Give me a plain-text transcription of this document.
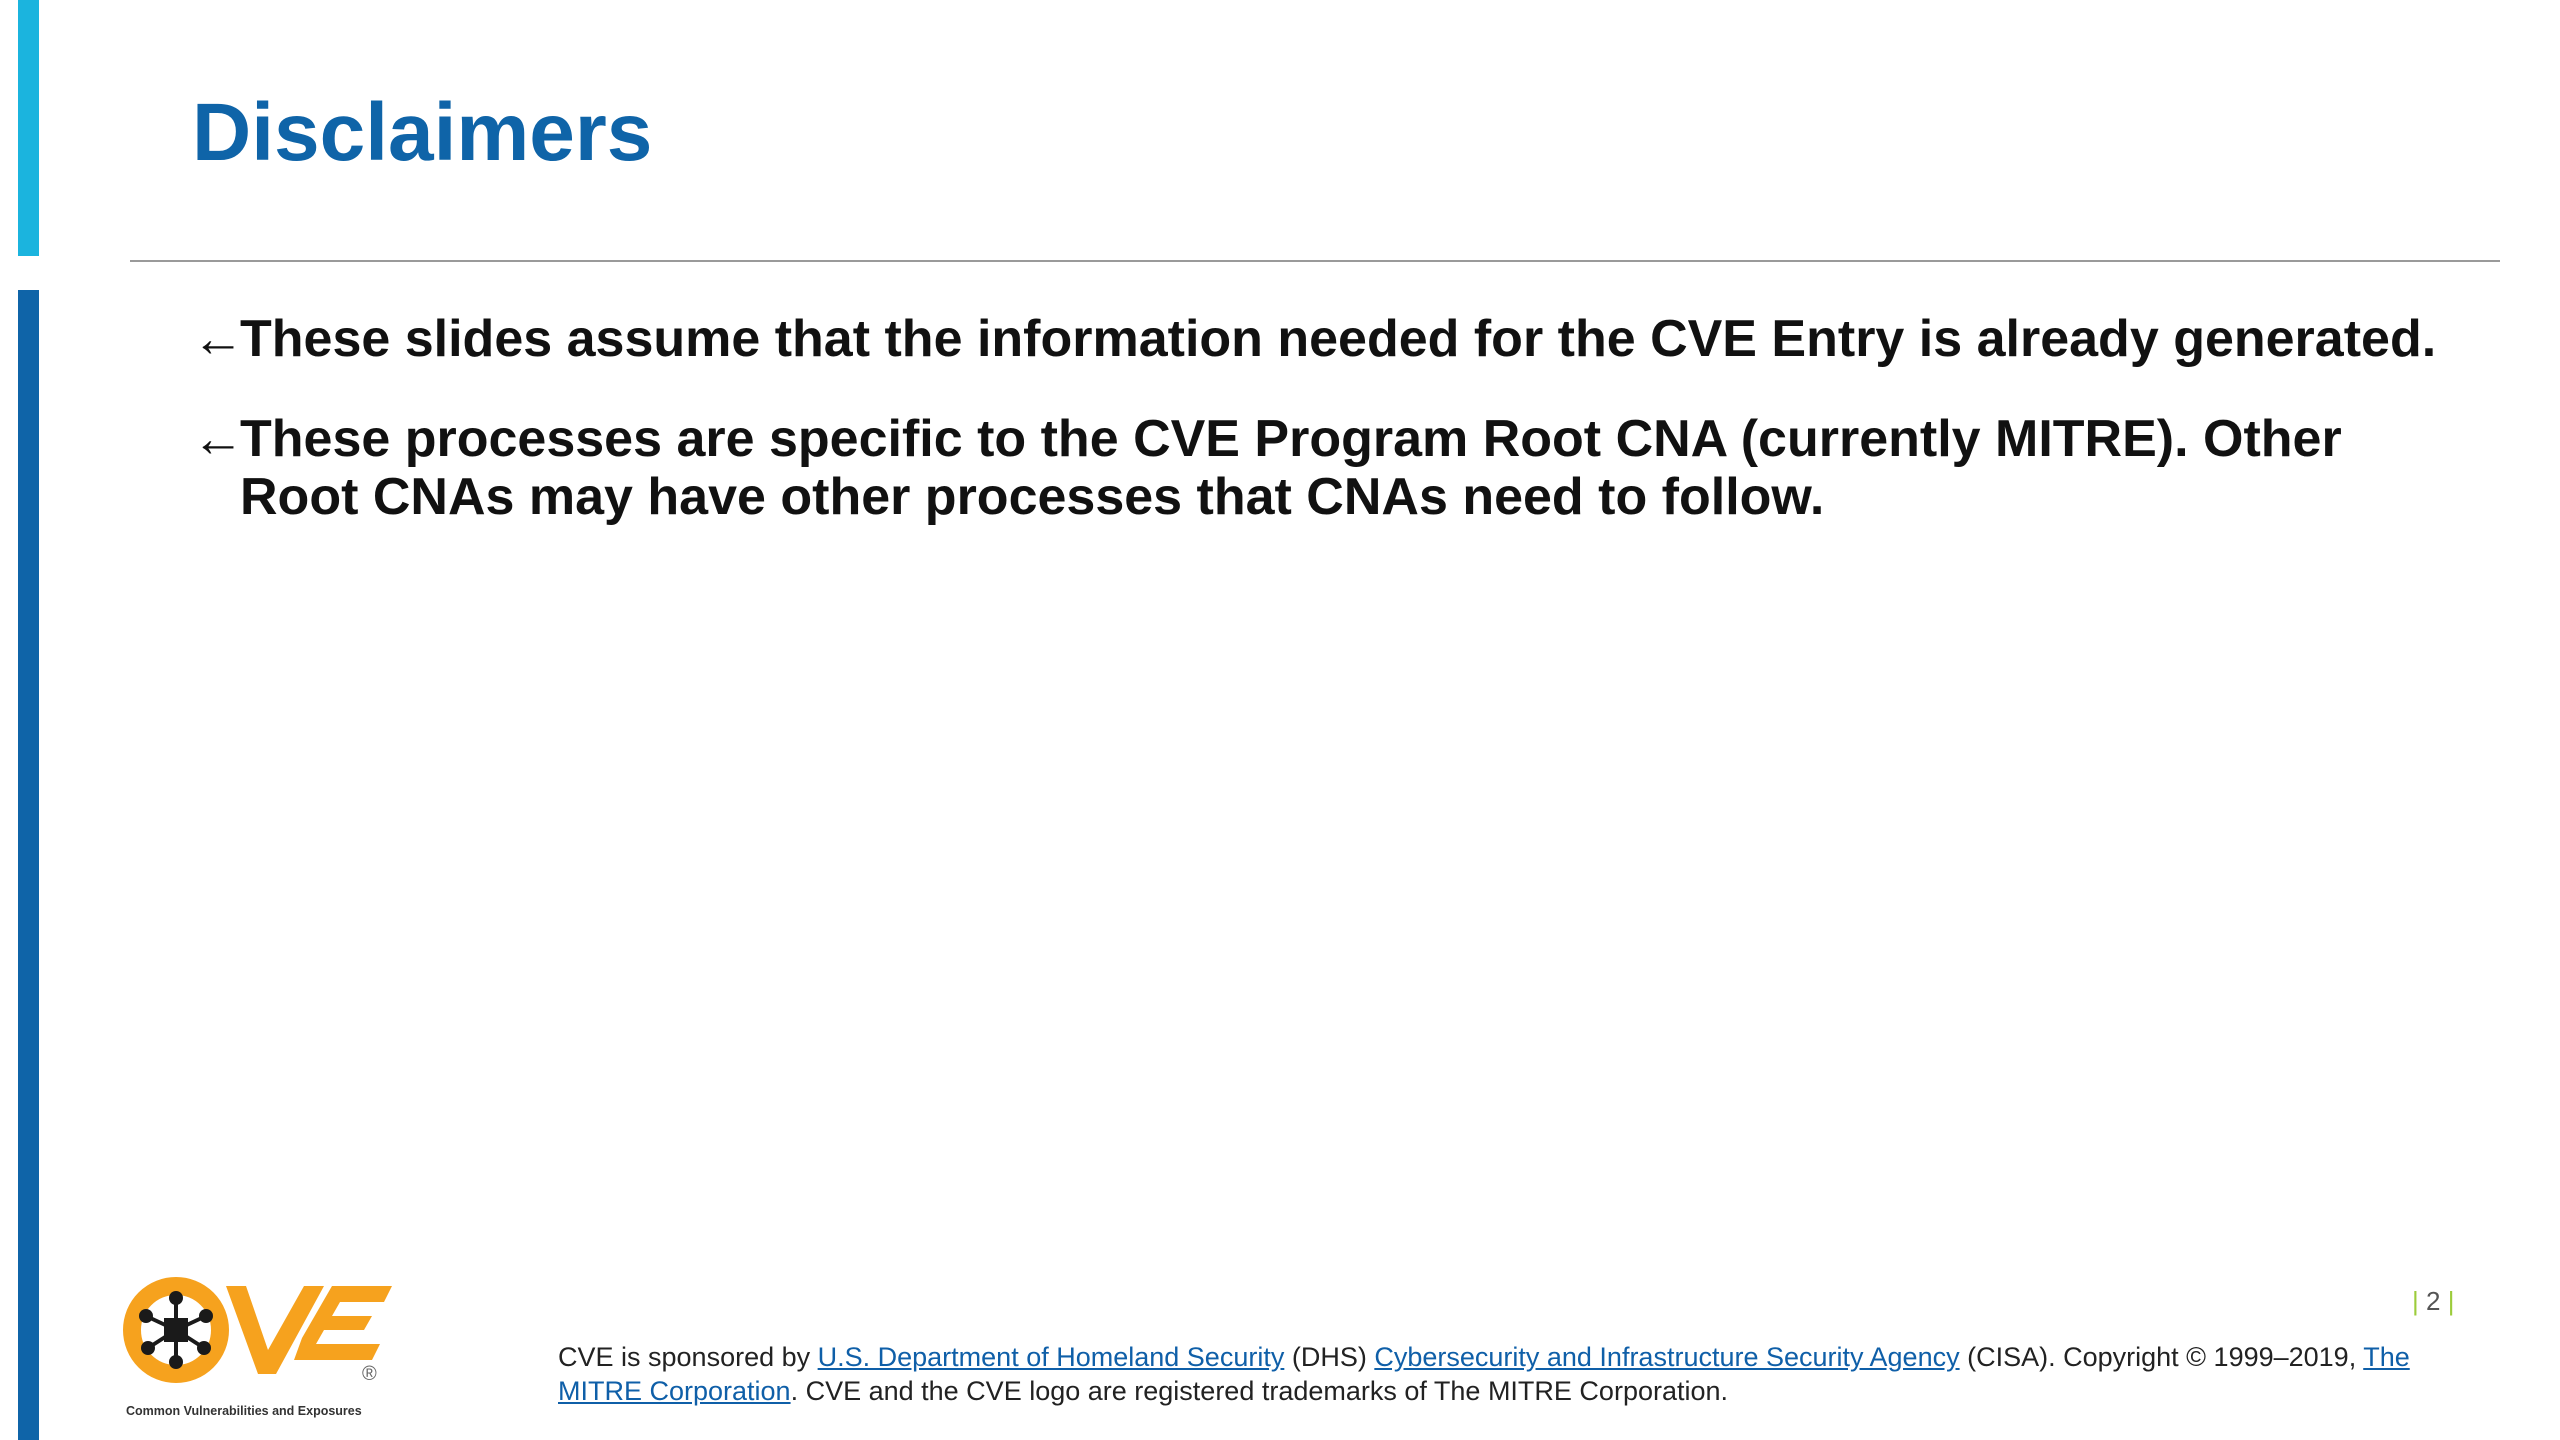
Disclaimers
←
These slides assume that the information needed for the CVE Entry is already generated.
←
These processes are specific to the CVE Program Root CNA (currently MITRE). Other Root CNAs may have other processes that CNAs need to follow.
®
Common Vulnerabilities and Exposures
| 2 |

CVE is sponsored by U.S. Department of Homeland Security (DHS) Cybersecurity and Infrastructure Security Agency (CISA). Copyright © 1999–2019, The MITRE Corporation. CVE and the CVE logo are registered trademarks of The MITRE Corporation.
